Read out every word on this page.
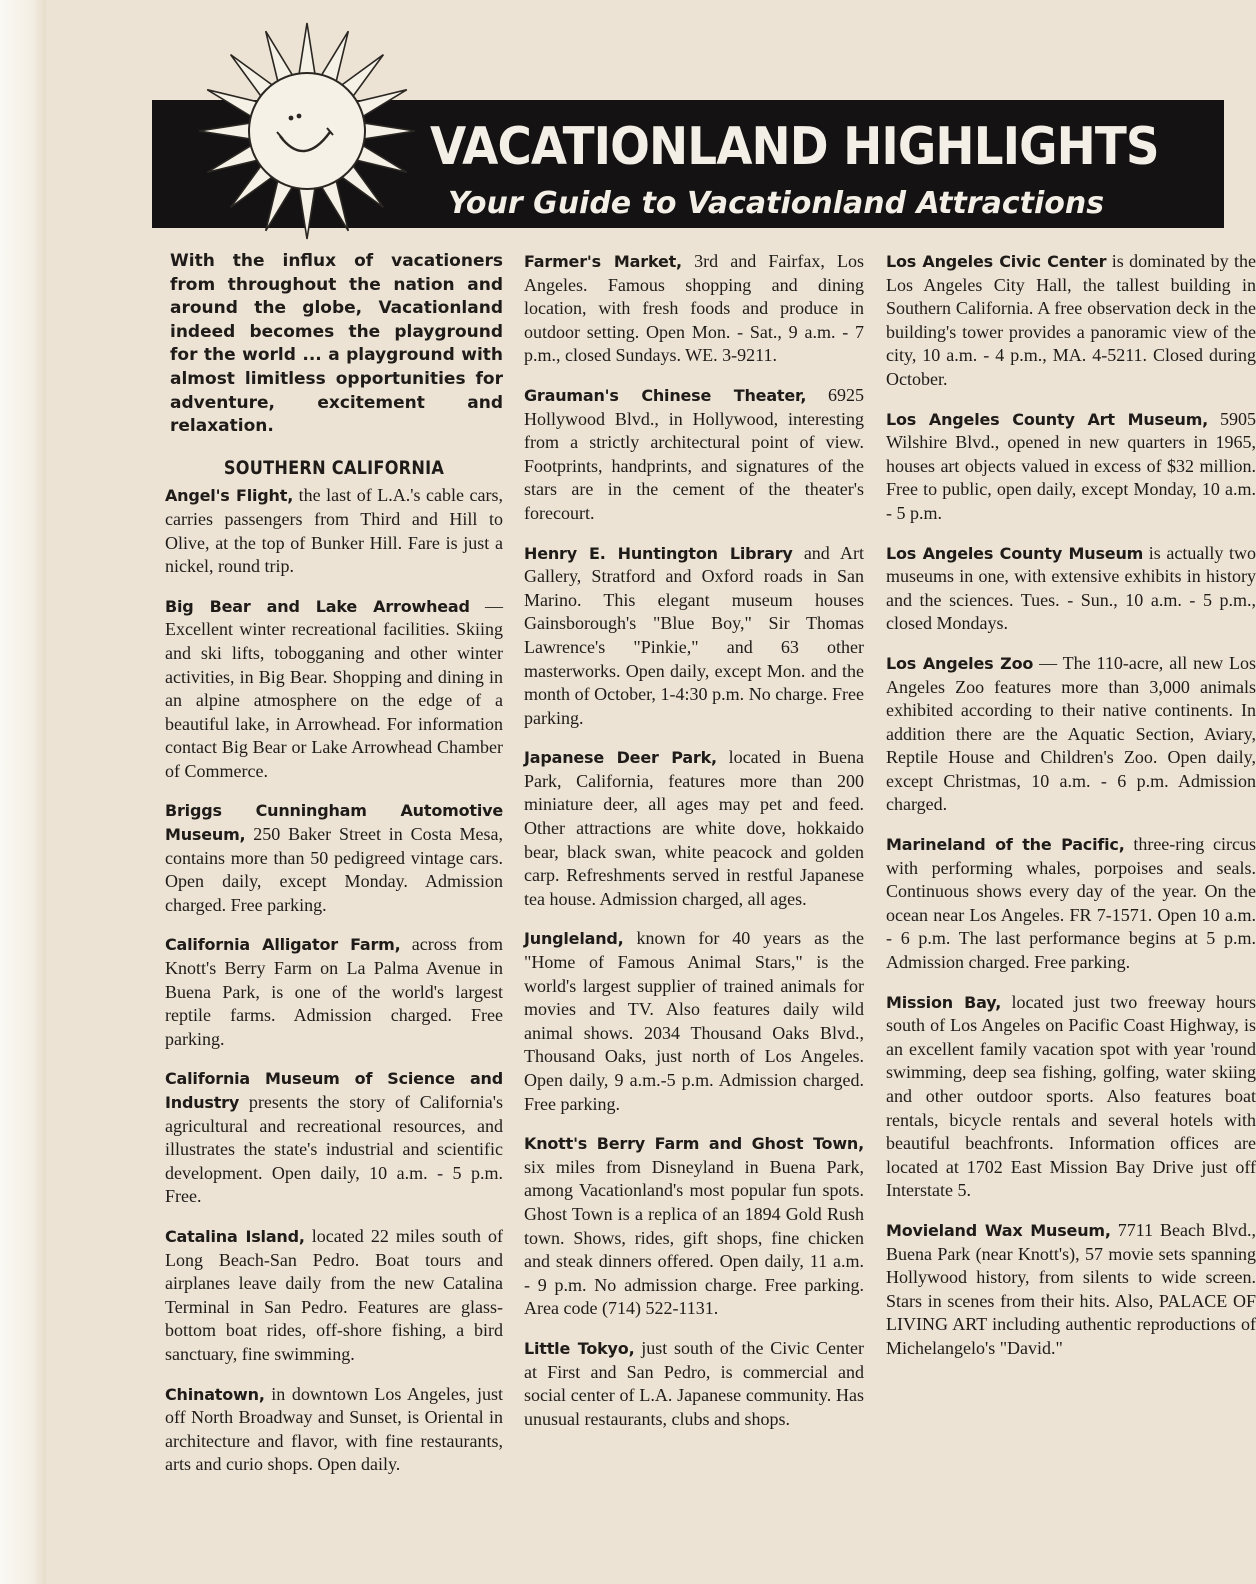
VACATIONLAND HIGHLIGHTS
Your Guide to Vacationland Attractions

With the influx of vacationers from throughout the nation and around the globe, Vacationland indeed becomes the playground for the world ... a playground with almost limitless opportunities for adventure, excitement and relaxation.

SOUTHERN CALIFORNIA

Angel's Flight, the last of L.A.'s cable cars, carries passengers from Third and Hill to Olive, at the top of Bunker Hill. Fare is just a nickel, round trip.

Big Bear and Lake Arrowhead — Excellent winter recreational facilities. Skiing and ski lifts, tobogganing and other winter activities, in Big Bear. Shopping and dining in an alpine atmosphere on the edge of a beautiful lake, in Arrowhead. For information contact Big Bear or Lake Arrowhead Chamber of Commerce.

Briggs Cunningham Automotive Museum, 250 Baker Street in Costa Mesa, contains more than 50 pedigreed vintage cars. Open daily, except Monday. Admission charged. Free parking.

California Alligator Farm, across from Knott's Berry Farm on La Palma Avenue in Buena Park, is one of the world's largest reptile farms. Admission charged. Free parking.

California Museum of Science and Industry presents the story of California's agricultural and recreational resources, and illustrates the state's industrial and scientific development. Open daily, 10 a.m. - 5 p.m. Free.

Catalina Island, located 22 miles south of Long Beach-San Pedro. Boat tours and airplanes leave daily from the new Catalina Terminal in San Pedro. Features are glass-bottom boat rides, off-shore fishing, a bird sanctuary, fine swimming.

Chinatown, in downtown Los Angeles, just off North Broadway and Sunset, is Oriental in architecture and flavor, with fine restaurants, arts and curio shops. Open daily.

Farmer's Market, 3rd and Fairfax, Los Angeles. Famous shopping and dining location, with fresh foods and produce in outdoor setting. Open Mon. - Sat., 9 a.m. - 7 p.m., closed Sundays. WE. 3-9211.

Grauman's Chinese Theater, 6925 Hollywood Blvd., in Hollywood, interesting from a strictly architectural point of view. Footprints, handprints, and signatures of the stars are in the cement of the theater's forecourt.

Henry E. Huntington Library and Art Gallery, Stratford and Oxford roads in San Marino. This elegant museum houses Gainsborough's "Blue Boy," Sir Thomas Lawrence's "Pinkie," and 63 other masterworks. Open daily, except Mon. and the month of October, 1-4:30 p.m. No charge. Free parking.

Japanese Deer Park, located in Buena Park, California, features more than 200 miniature deer, all ages may pet and feed. Other attractions are white dove, hokkaido bear, black swan, white peacock and golden carp. Refreshments served in restful Japanese tea house. Admission charged, all ages.

Jungleland, known for 40 years as the "Home of Famous Animal Stars," is the world's largest supplier of trained animals for movies and TV. Also features daily wild animal shows. 2034 Thousand Oaks Blvd., Thousand Oaks, just north of Los Angeles. Open daily, 9 a.m.-5 p.m. Admission charged. Free parking.

Knott's Berry Farm and Ghost Town, six miles from Disneyland in Buena Park, among Vacationland's most popular fun spots. Ghost Town is a replica of an 1894 Gold Rush town. Shows, rides, gift shops, fine chicken and steak dinners offered. Open daily, 11 a.m. - 9 p.m. No admission charge. Free parking. Area code (714) 522-1131.

Little Tokyo, just south of the Civic Center at First and San Pedro, is commercial and social center of L.A. Japanese community. Has unusual restaurants, clubs and shops.

Los Angeles Civic Center is dominated by the Los Angeles City Hall, the tallest building in Southern California. A free observation deck in the building's tower provides a panoramic view of the city, 10 a.m. - 4 p.m., MA. 4-5211. Closed during October.

Los Angeles County Art Museum, 5905 Wilshire Blvd., opened in new quarters in 1965, houses art objects valued in excess of $32 million. Free to public, open daily, except Monday, 10 a.m. - 5 p.m.

Los Angeles County Museum is actually two museums in one, with extensive exhibits in history and the sciences. Tues. - Sun., 10 a.m. - 5 p.m., closed Mondays.

Los Angeles Zoo — The 110-acre, all new Los Angeles Zoo features more than 3,000 animals exhibited according to their native continents. In addition there are the Aquatic Section, Aviary, Reptile House and Children's Zoo. Open daily, except Christmas, 10 a.m. - 6 p.m. Admission charged.

Marineland of the Pacific, three-ring circus with performing whales, porpoises and seals. Continuous shows every day of the year. On the ocean near Los Angeles. FR 7-1571. Open 10 a.m. - 6 p.m. The last performance begins at 5 p.m. Admission charged. Free parking.

Mission Bay, located just two freeway hours south of Los Angeles on Pacific Coast Highway, is an excellent family vacation spot with year 'round swimming, deep sea fishing, golfing, water skiing and other outdoor sports. Also features boat rentals, bicycle rentals and several hotels with beautiful beachfronts. Information offices are located at 1702 East Mission Bay Drive just off Interstate 5.

Movieland Wax Museum, 7711 Beach Blvd., Buena Park (near Knott's), 57 movie sets spanning Hollywood history, from silents to wide screen. Stars in scenes from their hits. Also, PALACE OF LIVING ART including authentic reproductions of Michelangelo's "David."
